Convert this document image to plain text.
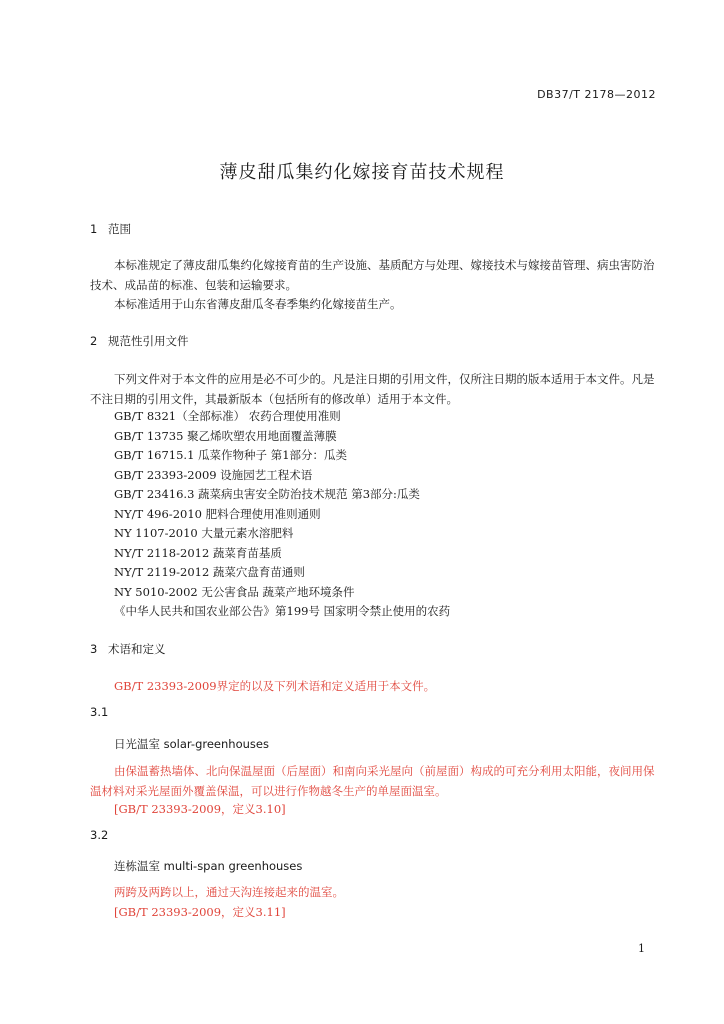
DB37/T 2178—2012
薄皮甜瓜集约化嫁接育苗技术规程
1 范围
本标准规定了薄皮甜瓜集约化嫁接育苗的生产设施、基质配方与处理、嫁接技术与嫁接苗管理、病虫害防治技术、成品苗的标准、包装和运输要求。
本标准适用于山东省薄皮甜瓜冬春季集约化嫁接苗生产。
2 规范性引用文件
下列文件对于本文件的应用是必不可少的。凡是注日期的引用文件，仅所注日期的版本适用于本文件。凡是不注日期的引用文件，其最新版本（包括所有的修改单）适用于本文件。
GB/T 8321（全部标准） 农药合理使用准则
GB/T 13735 聚乙烯吹塑农用地面覆盖薄膜
GB/T 16715.1 瓜菜作物种子 第1部分：瓜类
GB/T 23393-2009 设施园艺工程术语
GB/T 23416.3 蔬菜病虫害安全防治技术规范 第3部分:瓜类
NY/T 496-2010 肥料合理使用准则通则
NY 1107-2010 大量元素水溶肥料
NY/T 2118-2012 蔬菜育苗基质
NY/T 2119-2012 蔬菜穴盘育苗通则
NY 5010-2002 无公害食品 蔬菜产地环境条件
《中华人民共和国农业部公告》第199号 国家明令禁止使用的农药
3 术语和定义
GB/T 23393-2009界定的以及下列术语和定义适用于本文件。
3.1
日光温室 solar-greenhouses
由保温蓄热墙体、北向保温屋面（后屋面）和南向采光屋向（前屋面）构成的可充分利用太阳能，夜间用保温材料对采光屋面外覆盖保温，可以进行作物越冬生产的单屋面温室。
[GB/T 23393-2009，定义3.10]
3.2
连栋温室 multi-span greenhouses
两跨及两跨以上，通过天沟连接起来的温室。
[GB/T 23393-2009，定义3.11]
1
